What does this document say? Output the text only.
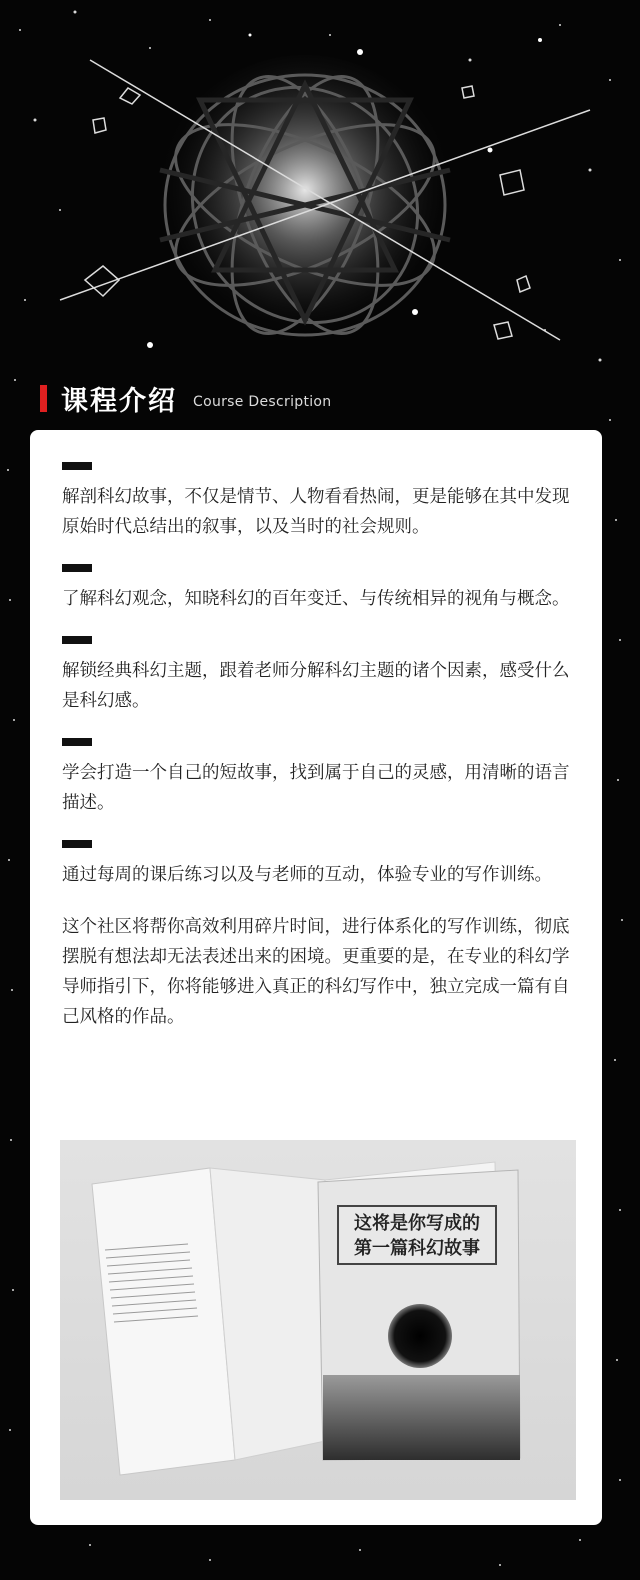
课程介绍 Course Description

解剖科幻故事，不仅是情节、人物看看热闹，更是能够在其中发现原始时代总结出的叙事，以及当时的社会规则。

了解科幻观念，知晓科幻的百年变迁、与传统相异的视角与概念。

解锁经典科幻主题，跟着老师分解科幻主题的诸个因素，感受什么是科幻感。

学会打造一个自己的短故事，找到属于自己的灵感，用清晰的语言描述。

通过每周的课后练习以及与老师的互动，体验专业的写作训练。

这个社区将帮你高效利用碎片时间，进行体系化的写作训练，彻底摆脱有想法却无法表述出来的困境。更重要的是，在专业的科幻学导师指引下，你将能够进入真正的科幻写作中，独立完成一篇有自己风格的作品。

这将是你写成的
第一篇科幻故事
